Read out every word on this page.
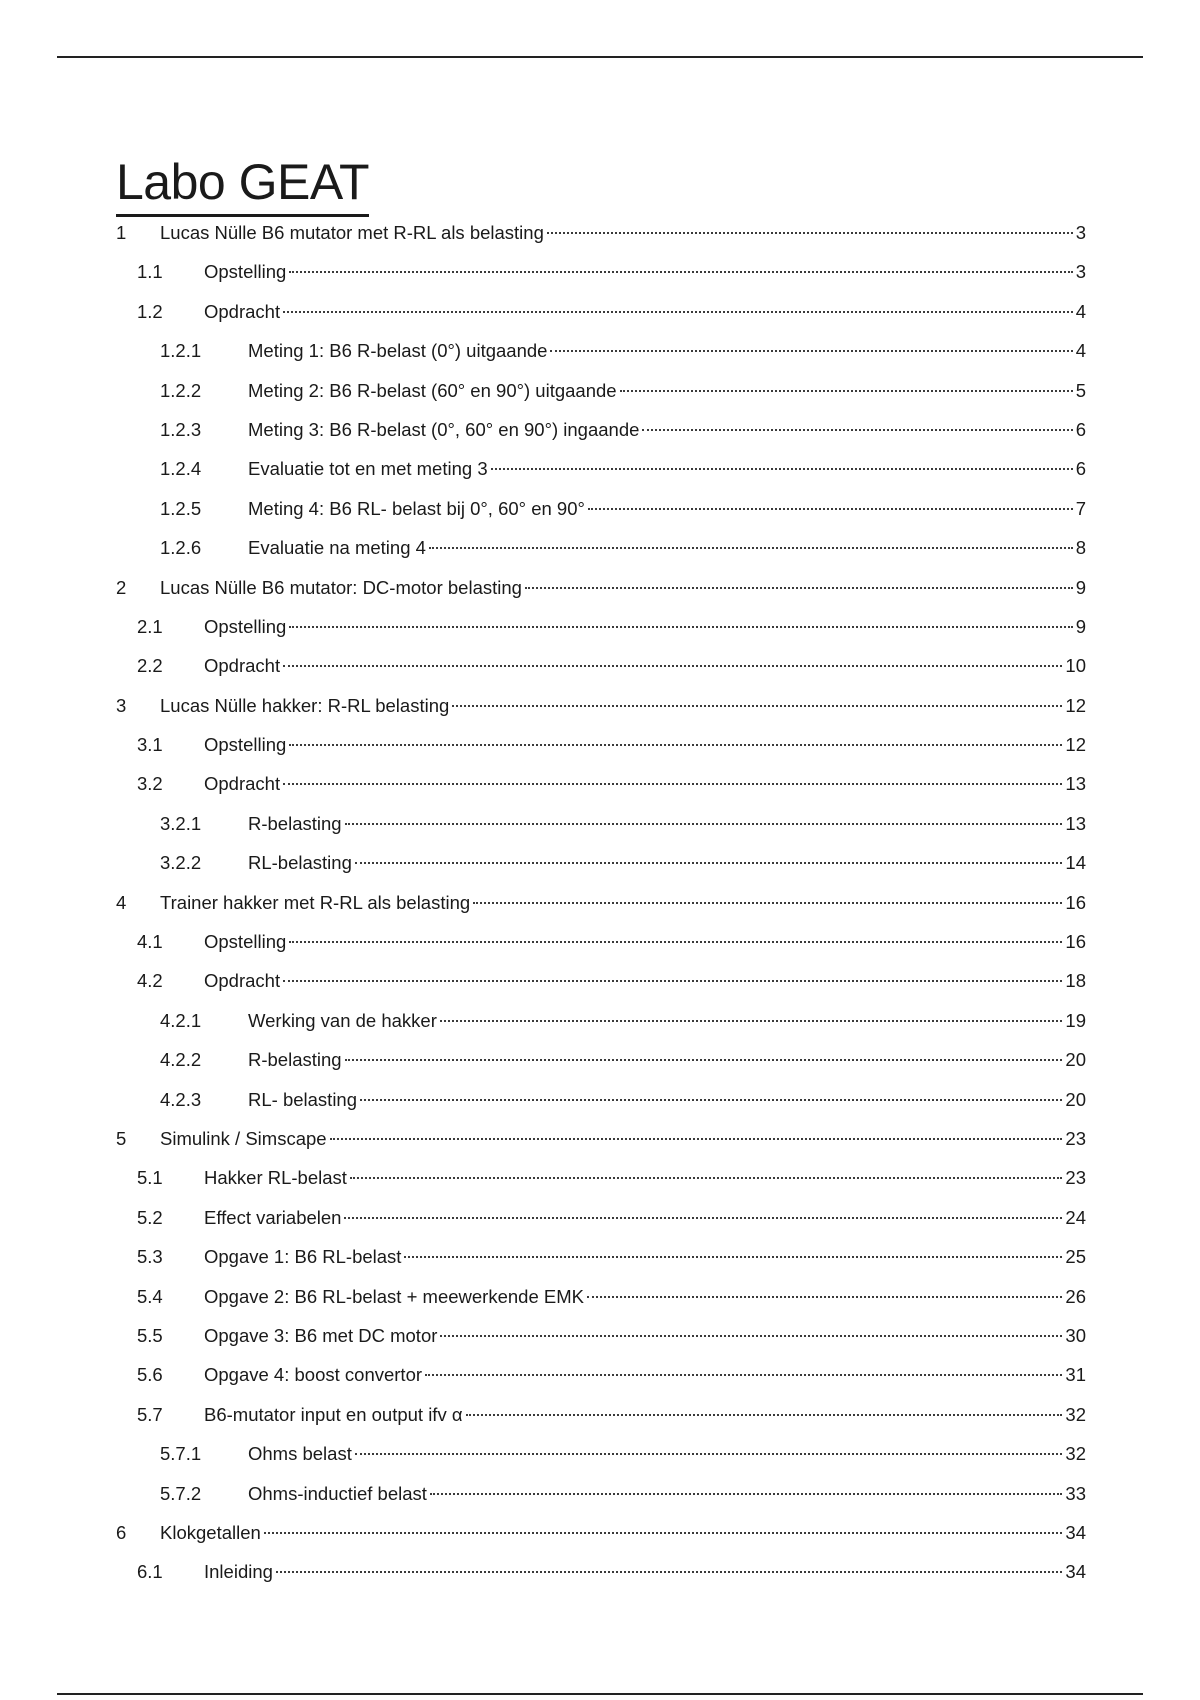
Labo GEAT
1	Lucas Nülle B6 mutator met R-RL als belasting	3
1.1	Opstelling	3
1.2	Opdracht	4
1.2.1	Meting 1: B6 R-belast (0°) uitgaande	4
1.2.2	Meting 2: B6 R-belast (60° en 90°) uitgaande	5
1.2.3	Meting 3: B6 R-belast (0°, 60° en 90°) ingaande	6
1.2.4	Evaluatie tot en met meting 3	6
1.2.5	Meting 4: B6 RL- belast bij 0°, 60° en 90°	7
1.2.6	Evaluatie na meting 4	8
2	Lucas Nülle B6 mutator: DC-motor belasting	9
2.1	Opstelling	9
2.2	Opdracht	10
3	Lucas Nülle hakker: R-RL belasting	12
3.1	Opstelling	12
3.2	Opdracht	13
3.2.1	R-belasting	13
3.2.2	RL-belasting	14
4	Trainer hakker met R-RL als belasting	16
4.1	Opstelling	16
4.2	Opdracht	18
4.2.1	Werking van de hakker	19
4.2.2	R-belasting	20
4.2.3	RL- belasting	20
5	Simulink / Simscape	23
5.1	Hakker RL-belast	23
5.2	Effect variabelen	24
5.3	Opgave 1: B6 RL-belast	25
5.4	Opgave 2: B6 RL-belast + meewerkende EMK	26
5.5	Opgave 3: B6 met DC motor	30
5.6	Opgave 4: boost convertor	31
5.7	B6-mutator input en output ifv α	32
5.7.1	Ohms belast	32
5.7.2	Ohms-inductief belast	33
6	Klokgetallen	34
6.1	Inleiding	34
